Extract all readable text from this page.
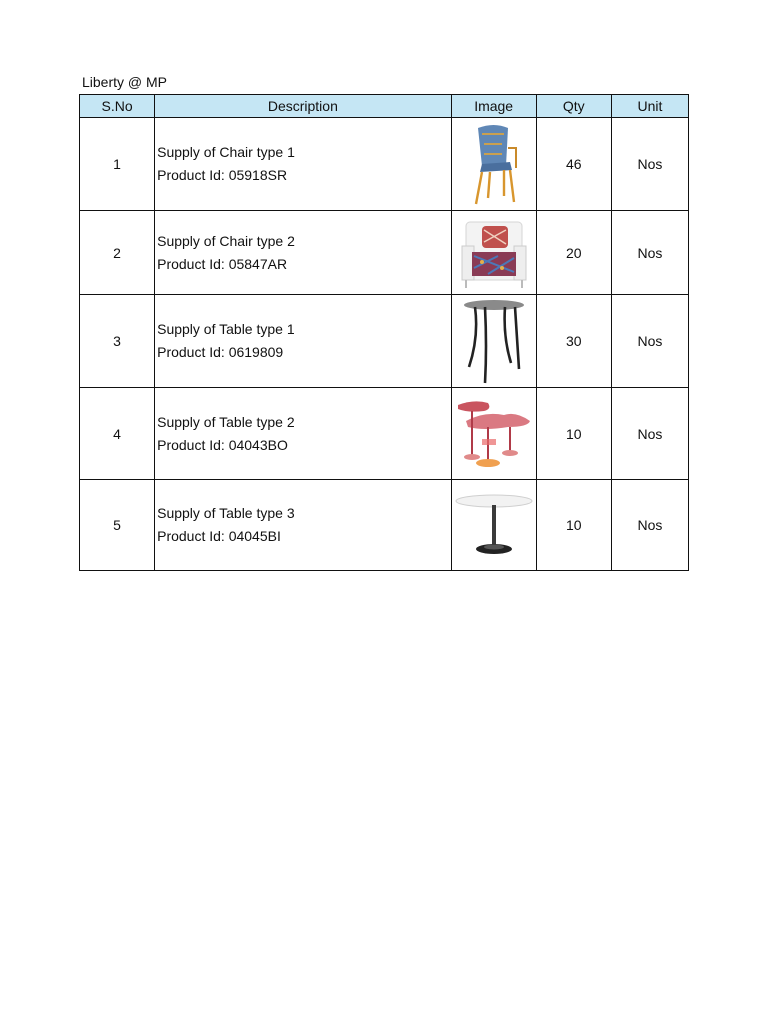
Liberty @ MP
S.No	Description	Image	Qty	Unit
1	Supply of Chair type 1
Product Id: 05918SR		46	Nos
2	Supply of Chair type 2
Product Id: 05847AR		20	Nos
3	Supply of Table type 1
Product Id: 0619809		30	Nos
4	Supply of Table type 2
Product Id: 04043BO		10	Nos
5	Supply of Table type 3
Product Id: 04045BI		10	Nos
